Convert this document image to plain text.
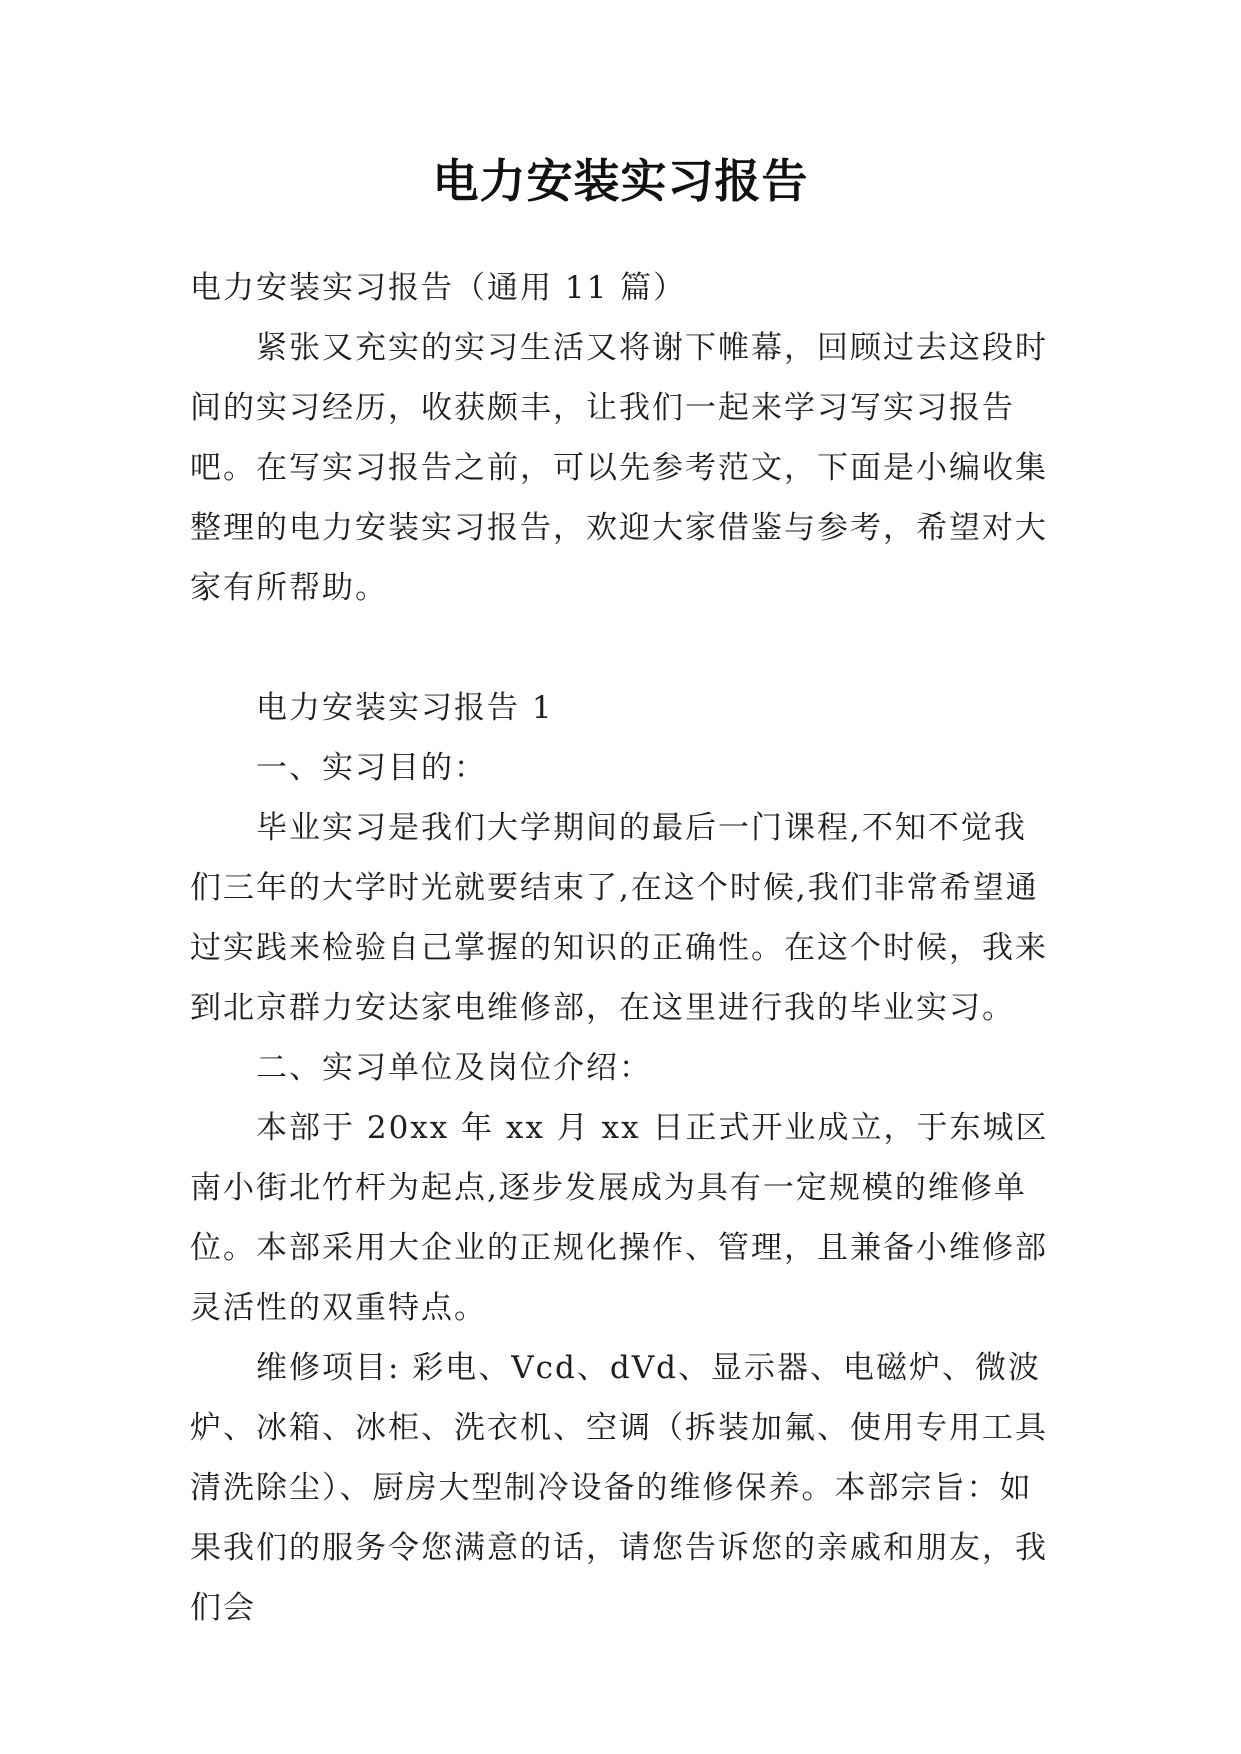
电力安装实习报告

电力安装实习报告（通用 11 篇）

紧张又充实的实习生活又将谢下帷幕，回顾过去这段时间的实习经历，收获颇丰，让我们一起来学习写实习报告吧。在写实习报告之前，可以先参考范文，下面是小编收集整理的电力安装实习报告，欢迎大家借鉴与参考，希望对大家有所帮助。

电力安装实习报告 1

一、实习目的：

毕业实习是我们大学期间的最后一门课程,不知不觉我们三年的大学时光就要结束了,在这个时候,我们非常希望通过实践来检验自己掌握的知识的正确性。在这个时候，我来到北京群力安达家电维修部，在这里进行我的毕业实习。

二、实习单位及岗位介绍：

本部于 20xx 年 xx 月 xx 日正式开业成立，于东城区南小街北竹杆为起点,逐步发展成为具有一定规模的维修单位。本部采用大企业的正规化操作、管理，且兼备小维修部灵活性的双重特点。

维修项目: 彩电、Vcd、dVd、显示器、电磁炉、微波炉、冰箱、冰柜、洗衣机、空调（拆装加氟、使用专用工具清洗除尘）、厨房大型制冷设备的维修保养。本部宗旨：如果我们的服务令您满意的话，请您告诉您的亲戚和朋友，我们会
